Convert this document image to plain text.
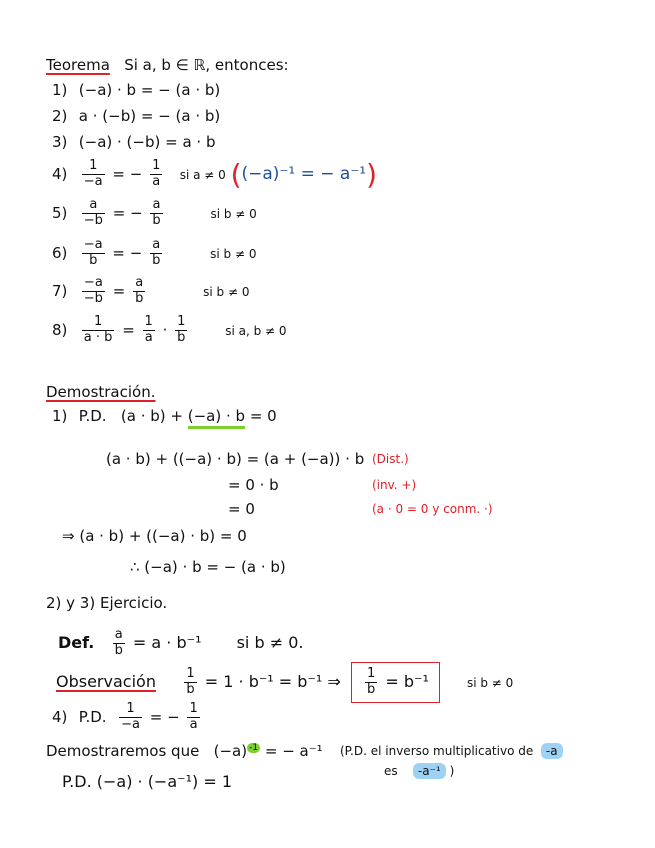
Teorema Si a, b ∈ ℝ, entonces:
1) (−a) · b = − (a · b)
2) a · (−b) = − (a · b)
3) (−a) · (−b) = a · b
$4) \frac{1}{-a}$ = − $\frac{1}{a}$ si a ≠ 0 ((−a)⁻¹ = − a⁻¹)
$5) \frac{a}{-b}$ = − $\frac{a}{b}$	si b ≠ 0
$6) \frac{-a}{b}$ = − $\frac{a}{b}$	si b ≠ 0
$7) \frac{-a}{-b} = \frac{a}{b}$	si b ≠ 0
$8) \frac{1}{a \cdot b} = \frac{1}{a} \cdot \frac{1}{b}$	si a, b ≠ 0
Demostración.
1) P.D. (a · b) + (−a) · b = 0
(a · b) + ((−a) · b) = (a + (−a)) · b (Dist.)
= 0 · b	(inv. +)
= 0	(a · 0 = 0 y conm. ·)
⇒ (a · b) + ((−a) · b) = 0
∴ (−a) · b = − (a · b)
2) y 3) Ejercicio.
Def. $\frac{a}{b} = a \cdot b^{-1}$ si b ≠ 0.
Observación $\frac{1}{b} = 1 \cdot b^{-1} = b^{-1}$ ⇒ $\frac{1}{b} = b^{-1}$	si b ≠ 0
4) P.D. $\frac{1}{-a}$ = − $\frac{1}{a}$
Demostraremos que (−a) $^{-1}$ = − a⁻¹ (P.D. el inverso multiplicativo de -a
es -a⁻¹ )
P.D. (−a) · (−a⁻¹) = 1
